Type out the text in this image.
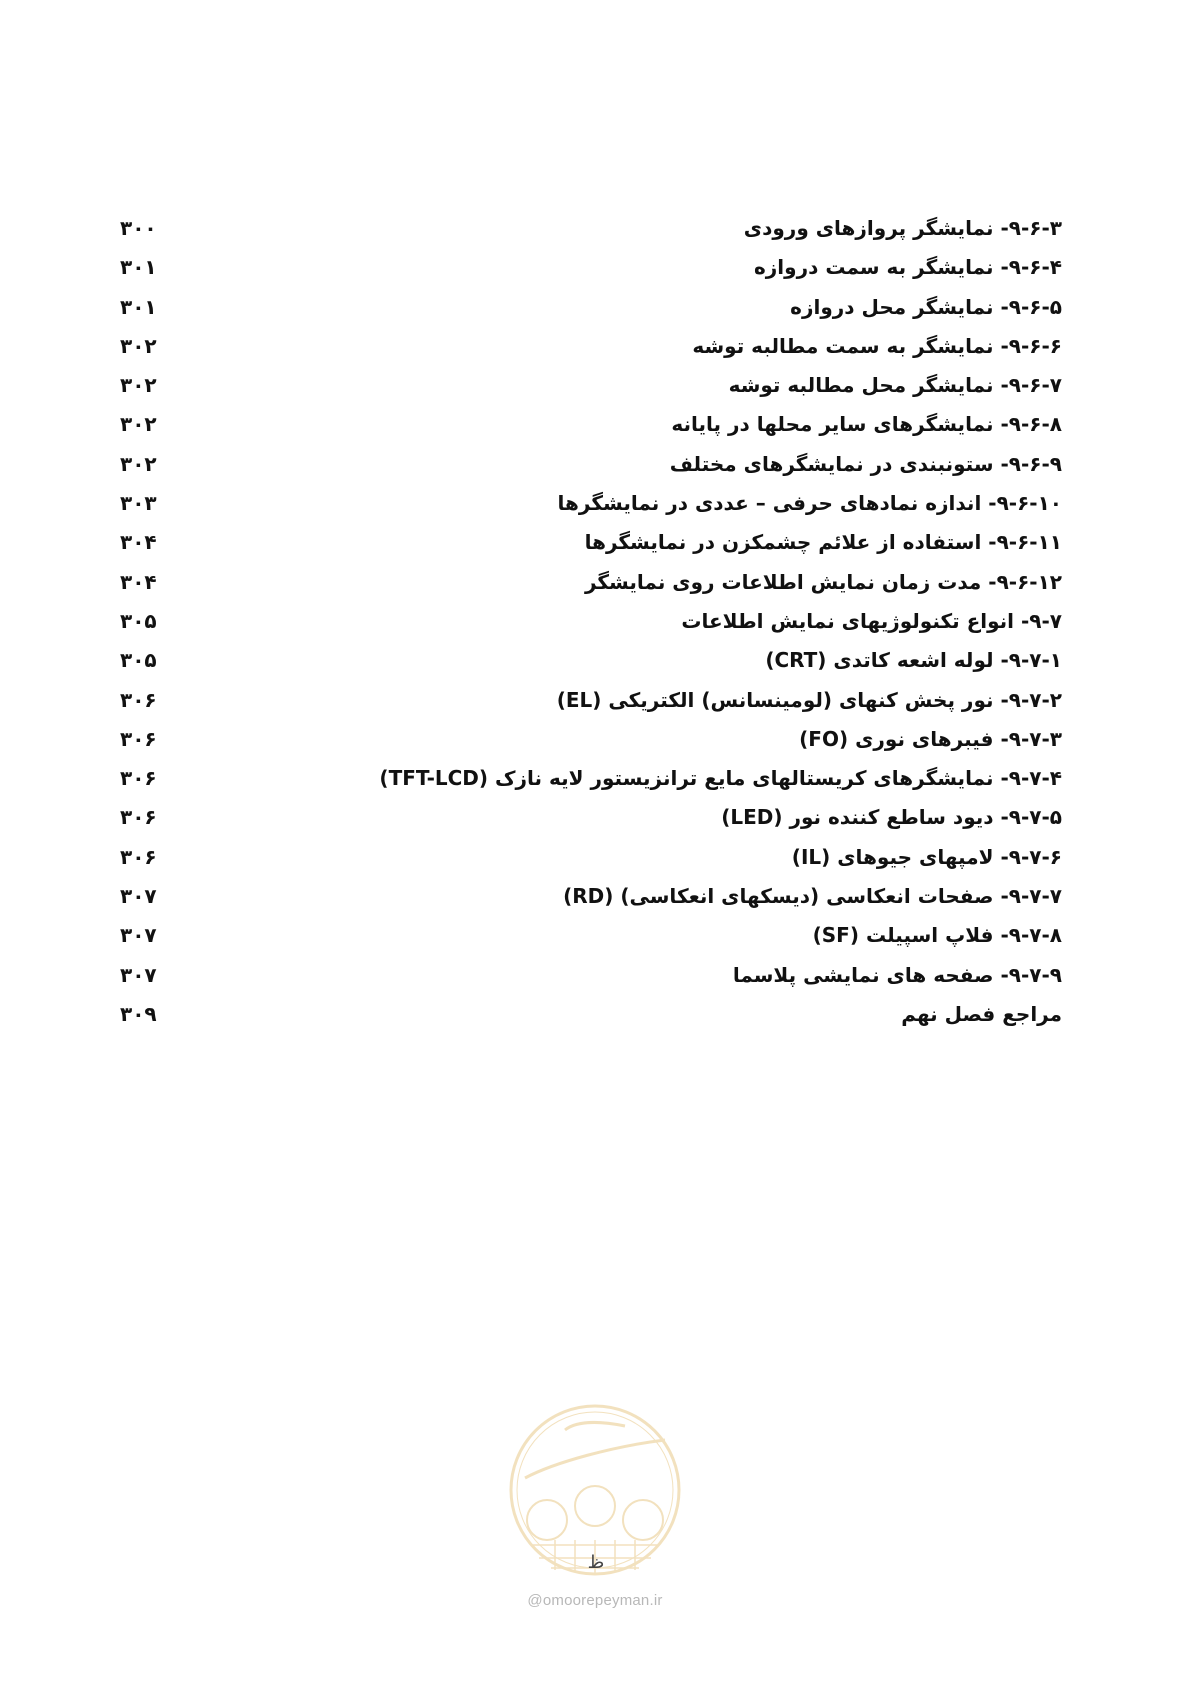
۹-۶-۳- نمایشگر پروازهای ورودی
۳۰۰
۹-۶-۴- نمایشگر به سمت دروازه
۳۰۱
۹-۶-۵- نمایشگر محل دروازه
۳۰۱
۹-۶-۶- نمایشگر به سمت مطالبه توشه
۳۰۲
۹-۶-۷- نمایشگر محل مطالبه توشه
۳۰۲
۹-۶-۸- نمایشگرهای سایر محلها در پایانه
۳۰۲
۹-۶-۹- ستونبندی در نمایشگرهای مختلف
۳۰۲
۹-۶-۱۰- اندازه نمادهای حرفی – عددی در نمایشگرها
۳۰۳
۹-۶-۱۱- استفاده از علائم چشمکزن در نمایشگرها
۳۰۴
۹-۶-۱۲- مدت زمان نمایش اطلاعات روی نمایشگر
۳۰۴
۹-۷- انواع تکنولوژیهای نمایش اطلاعات
۳۰۵
۹-۷-۱- لوله اشعه کاتدی (CRT)
۳۰۵
۹-۷-۲- نور پخش کنهای (لومینسانس) الکتریکی (EL)
۳۰۶
۹-۷-۳- فیبرهای نوری (FO)
۳۰۶
۹-۷-۴- نمایشگرهای کریستالهای مایع ترانزیستور لایه نازک (TFT-LCD)
۳۰۶
۹-۷-۵- دیود ساطع کننده نور (LED)
۳۰۶
۹-۷-۶- لامپهای جیوهای (IL)
۳۰۶
۹-۷-۷- صفحات انعکاسی (دیسکهای انعکاسی) (RD)
۳۰۷
۹-۷-۸- فلاپ اسپیلت (SF)
۳۰۷
۹-۷-۹- صفحه های نمایشی پلاسما
۳۰۷
مراجع فصل نهم
۳۰۹
ظ
@omoorepeyman.ir
